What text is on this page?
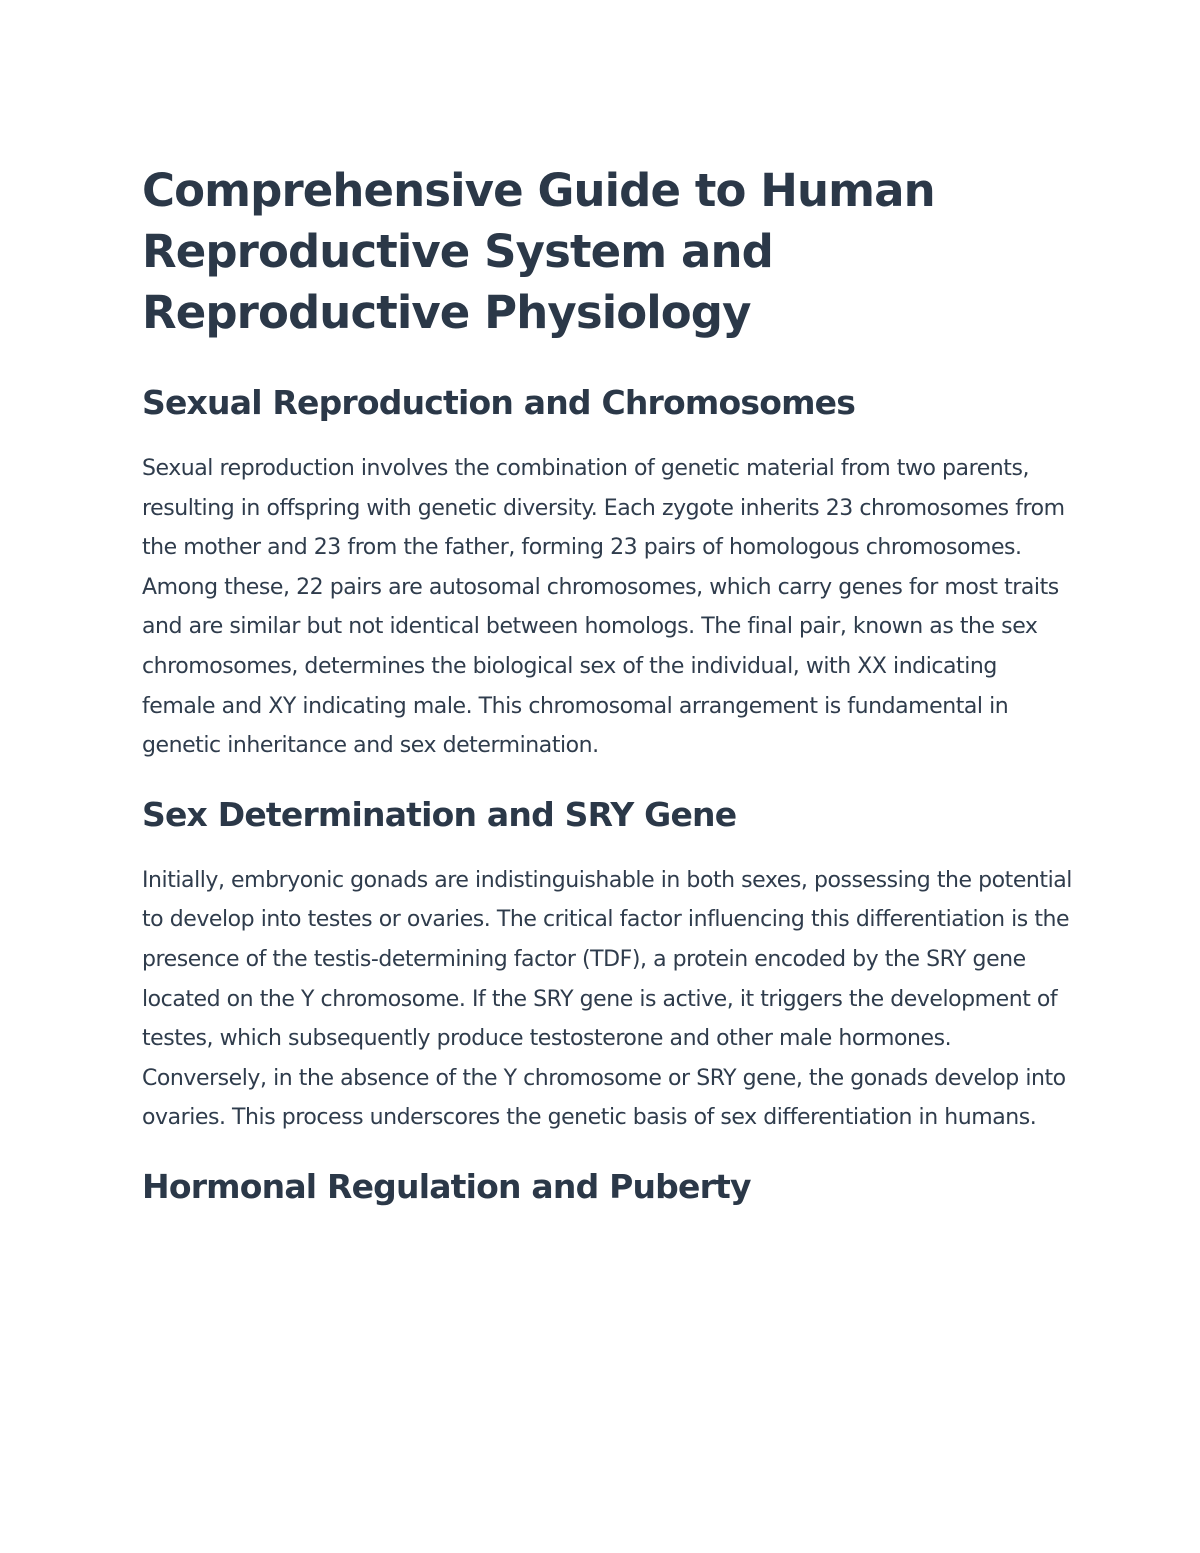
Comprehensive Guide to Human Reproductive System and Reproductive Physiology
Sexual Reproduction and Chromosomes

Sexual reproduction involves the combination of genetic material from two parents, resulting in offspring with genetic diversity. Each zygote inherits 23 chromosomes from the mother and 23 from the father, forming 23 pairs of homologous chromosomes. Among these, 22 pairs are autosomal chromosomes, which carry genes for most traits and are similar but not identical between homologs. The final pair, known as the sex chromosomes, determines the biological sex of the individual, with XX indicating female and XY indicating male. This chromosomal arrangement is fundamental in genetic inheritance and sex determination.

Sex Determination and SRY Gene

Initially, embryonic gonads are indistinguishable in both sexes, possessing the potential to develop into testes or ovaries. The critical factor influencing this differentiation is the presence of the testis-determining factor (TDF), a protein encoded by the SRY gene located on the Y chromosome. If the SRY gene is active, it triggers the development of testes, which subsequently produce testosterone and other male hormones. Conversely, in the absence of the Y chromosome or SRY gene, the gonads develop into ovaries. This process underscores the genetic basis of sex differentiation in humans.

Hormonal Regulation and Puberty
